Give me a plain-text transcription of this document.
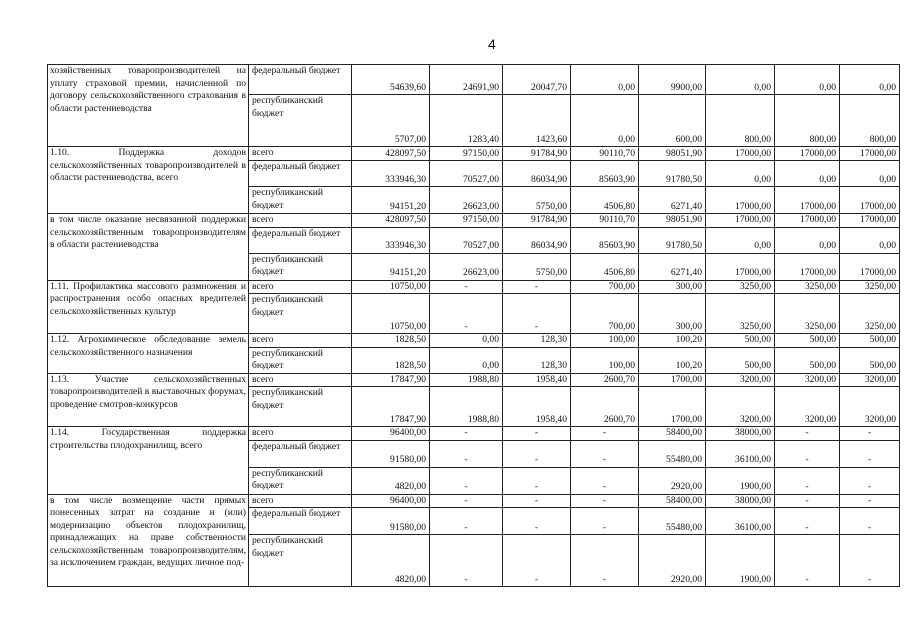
4
хозяйственных товаропроизводителей на уплату страховой премии, начисленной по договору сельскохозяйственного страхования в области растениеводства	федеральный бюджет	54639,60	24691,90	20047,70	0,00	9900,00	0,00	0,00	0,00
	республиканский бюджет	5707,00	1283,40	1423,60	0,00	600,00	800,00	800,00	800,00
1.10. Поддержка доходов сельскохозяйственных товаропроизводителей в области растениеводства, всего	всего	428097,50	97150,00	91784,90	90110,70	98051,90	17000,00	17000,00	17000,00
	федеральный бюджет	333946,30	70527,00	86034,90	85603,90	91780,50	0,00	0,00	0,00
	республиканский бюджет	94151,20	26623,00	5750,00	4506,80	6271,40	17000,00	17000,00	17000,00
в том числе оказание несвязанной поддержки сельскохозяйственным товаропроизводителям в области растениеводства	всего	428097,50	97150,00	91784,90	90110,70	98051,90	17000,00	17000,00	17000,00
	федеральный бюджет	333946,30	70527,00	86034,90	85603,90	91780,50	0,00	0,00	0,00
	республиканский бюджет	94151,20	26623,00	5750,00	4506,80	6271,40	17000,00	17000,00	17000,00
1.11. Профилактика массового размножения и распространения особо опасных вредителей сельскохозяйственных культур	всего	10750,00	-	-	700,00	300,00	3250,00	3250,00	3250,00
	республиканский бюджет	10750,00	-	-	700,00	300,00	3250,00	3250,00	3250,00
1.12. Агрохимическое обследование земель сельскохозяйственного назначения	всего	1828,50	0,00	128,30	100,00	100,20	500,00	500,00	500,00
	республиканский бюджет	1828,50	0,00	128,30	100,00	100,20	500,00	500,00	500,00
1.13. Участие сельскохозяйственных товаропроизводителей в выставочных форумах, проведение смотров-конкурсов	всего	17847,90	1988,80	1958,40	2600,70	1700,00	3200,00	3200,00	3200,00
	республиканский бюджет	17847,90	1988,80	1958,40	2600,70	1700,00	3200,00	3200,00	3200,00
1.14. Государственная поддержка строительства плодохранилищ, всего	всего	96400,00	-	-	-	58400,00	38000,00	-	-
	федеральный бюджет	91580,00	-	-	-	55480,00	36100,00	-	-
	республиканский бюджет	4820,00	-	-	-	2920,00	1900,00	-	-
в том числе возмещение части прямых понесенных затрат на создание и (или) модернизацию объектов плодохранилищ, принадлежащих на праве собственности сельскохозяйственным товаропроизводителям, за исключением граждан, ведущих личное под-	всего	96400,00	-	-	-	58400,00	38000,00	-	-
	федеральный бюджет	91580,00	-	-	-	55480,00	36100,00	-	-
	республиканский бюджет	4820,00	-	-	-	2920,00	1900,00	-	-
